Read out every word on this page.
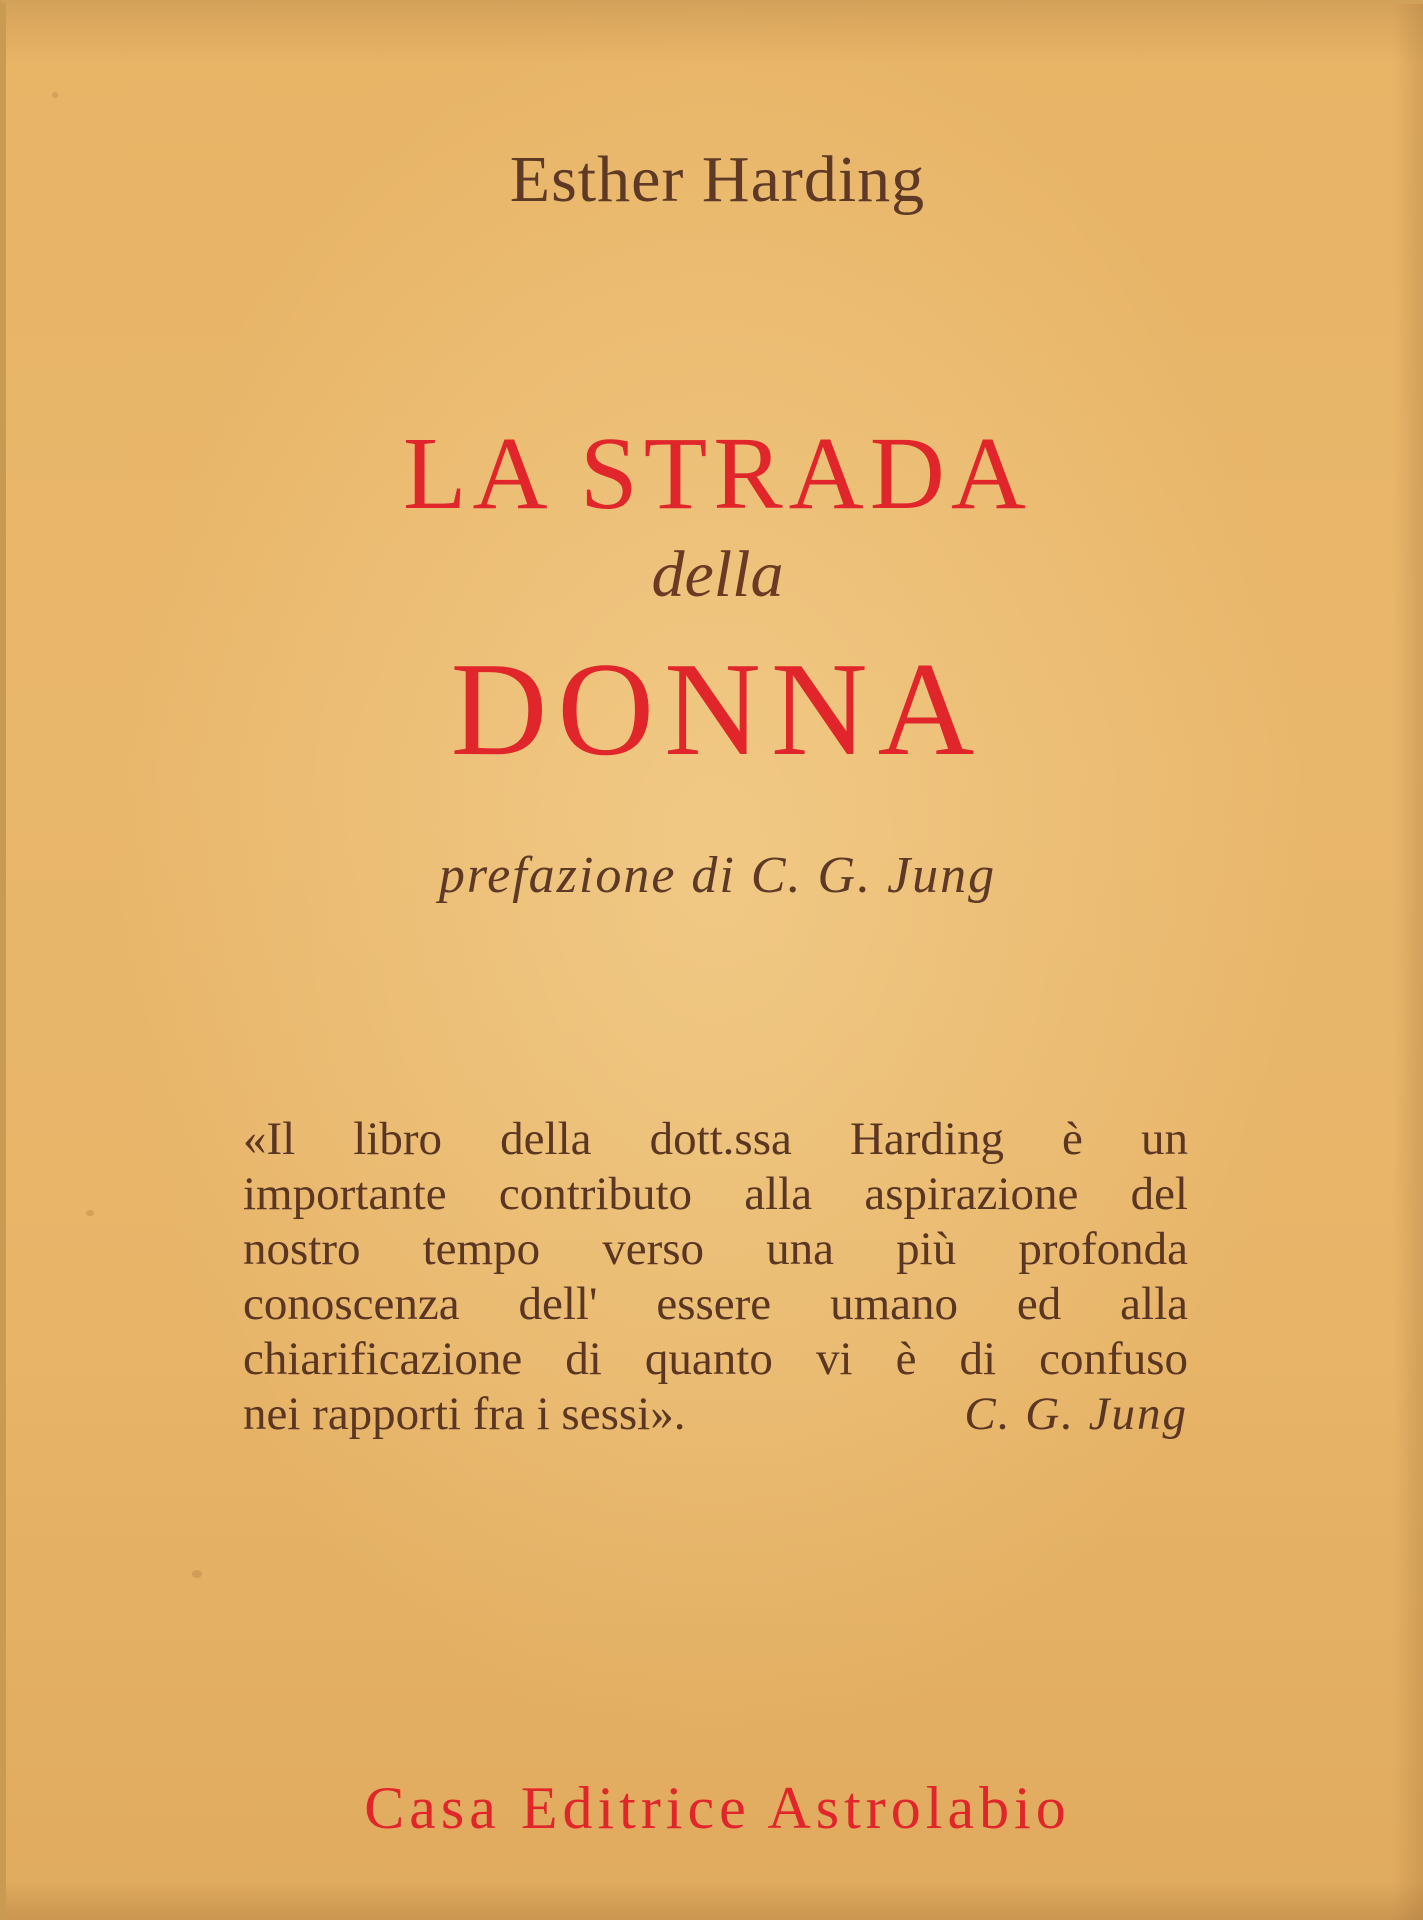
Esther Harding
LA STRADA
della
DONNA
prefazione di C. G. Jung
«Il libro della dott.ssa Harding è un
importante contributo alla aspirazione del
nostro tempo verso una più profonda
conoscenza dell' essere umano ed alla
chiarificazione di quanto vi è di confuso
nei rapporti fra i sessi».	C. G. Jung
Casa Editrice Astrolabio
